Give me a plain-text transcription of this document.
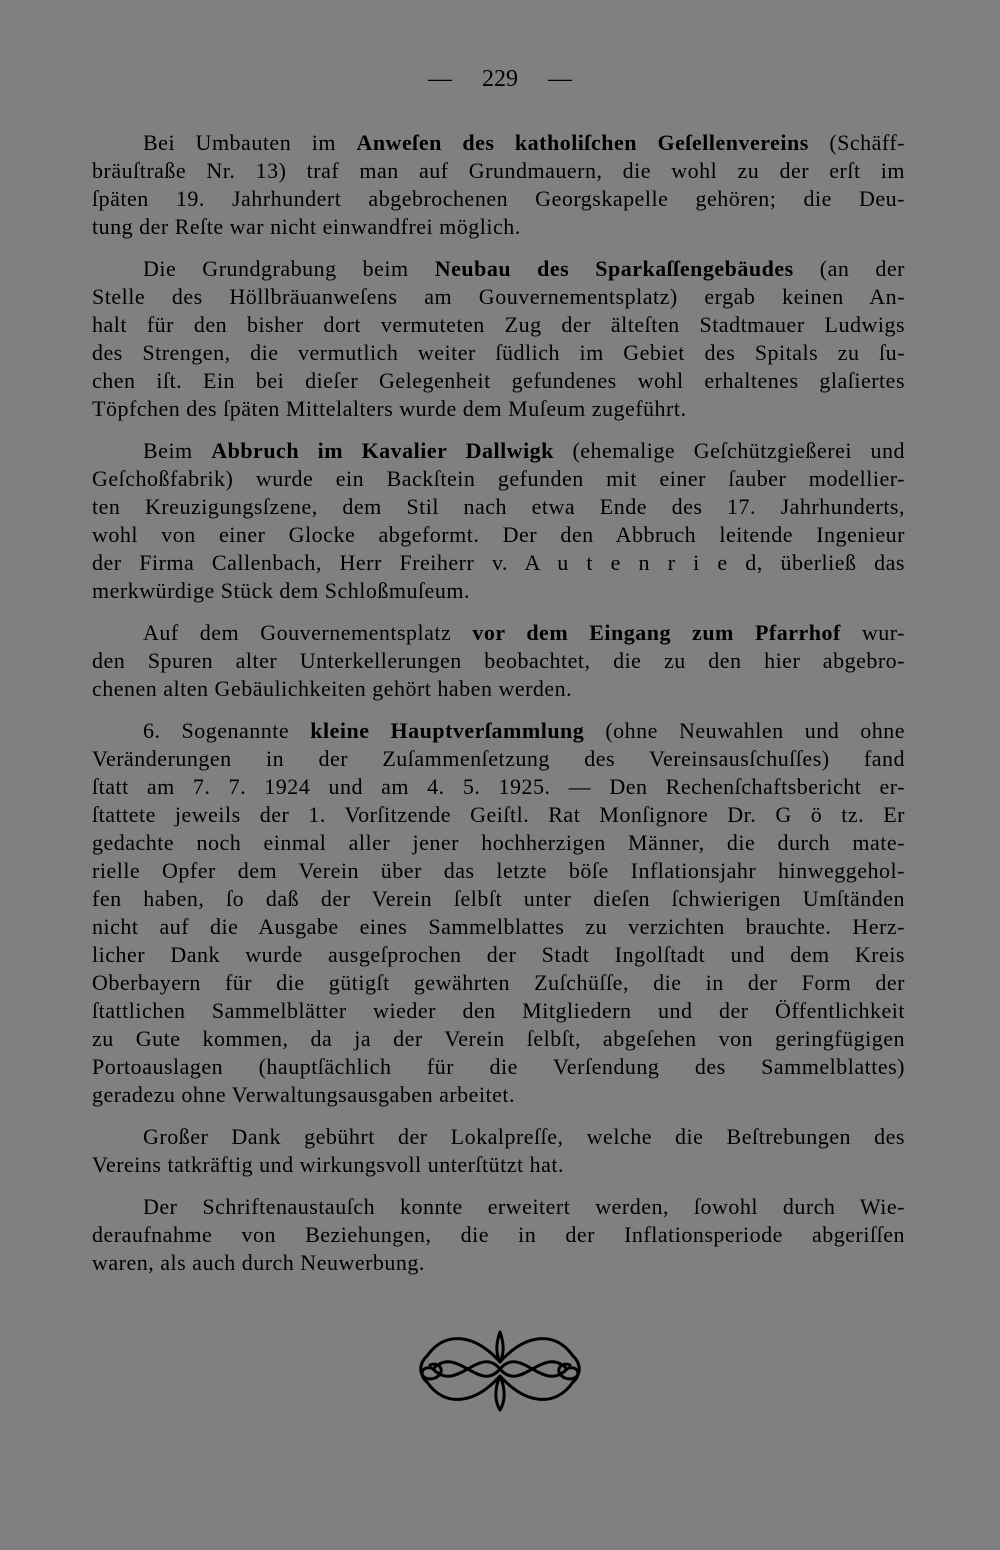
— 229 —
Bei Umbauten im Anweſen des katholiſchen Geſellenvereins (Schäff-
bräuſtraße Nr. 13) traf man auf Grundmauern, die wohl zu der erſt im
ſpäten 19. Jahrhundert abgebrochenen Georgskapelle gehören; die Deu-
tung der Reſte war nicht einwandfrei möglich.
Die Grundgrabung beim Neubau des Sparkaſſengebäudes (an der
Stelle des Höllbräuanweſens am Gouvernementsplatz) ergab keinen An-
halt für den bisher dort vermuteten Zug der älteſten Stadtmauer Ludwigs
des Strengen, die vermutlich weiter ſüdlich im Gebiet des Spitals zu ſu-
chen iſt. Ein bei dieſer Gelegenheit gefundenes wohl erhaltenes glaſiertes
Töpfchen des ſpäten Mittelalters wurde dem Muſeum zugeführt.
Beim Abbruch im Kavalier Dallwigk (ehemalige Geſchützgießerei und
Geſchoßfabrik) wurde ein Backſtein gefunden mit einer ſauber modellier-
ten Kreuzigungsſzene, dem Stil nach etwa Ende des 17. Jahrhunderts,
wohl von einer Glocke abgeformt. Der den Abbruch leitende Ingenieur
der Firma Callenbach, Herr Freiherr v. A u t e n r i e d, überließ das
merkwürdige Stück dem Schloßmuſeum.
Auf dem Gouvernementsplatz vor dem Eingang zum Pfarrhof wur-
den Spuren alter Unterkellerungen beobachtet, die zu den hier abgebro-
chenen alten Gebäulichkeiten gehört haben werden.
6. Sogenannte kleine Hauptverſammlung (ohne Neuwahlen und ohne
Veränderungen in der Zuſammenſetzung des Vereinsausſchuſſes) fand
ſtatt am 7. 7. 1924 und am 4. 5. 1925. — Den Rechenſchaftsbericht er-
ſtattete jeweils der 1. Vorſitzende Geiſtl. Rat Monſignore Dr. G ö tz. Er
gedachte noch einmal aller jener hochherzigen Männer, die durch mate-
rielle Opfer dem Verein über das letzte böſe Inflationsjahr hinweggehol-
fen haben, ſo daß der Verein ſelbſt unter dieſen ſchwierigen Umſtänden
nicht auf die Ausgabe eines Sammelblattes zu verzichten brauchte. Herz-
licher Dank wurde ausgeſprochen der Stadt Ingolſtadt und dem Kreis
Oberbayern für die gütigſt gewährten Zuſchüſſe, die in der Form der
ſtattlichen Sammelblätter wieder den Mitgliedern und der Öffentlichkeit
zu Gute kommen, da ja der Verein ſelbſt, abgeſehen von geringfügigen
Portoauslagen (hauptſächlich für die Verſendung des Sammelblattes)
geradezu ohne Verwaltungsausgaben arbeitet.
Großer Dank gebührt der Lokalpreſſe, welche die Beſtrebungen des
Vereins tatkräftig und wirkungsvoll unterſtützt hat.
Der Schriftenaustauſch konnte erweitert werden, ſowohl durch Wie-
deraufnahme von Beziehungen, die in der Inflationsperiode abgeriſſen
waren, als auch durch Neuwerbung.
